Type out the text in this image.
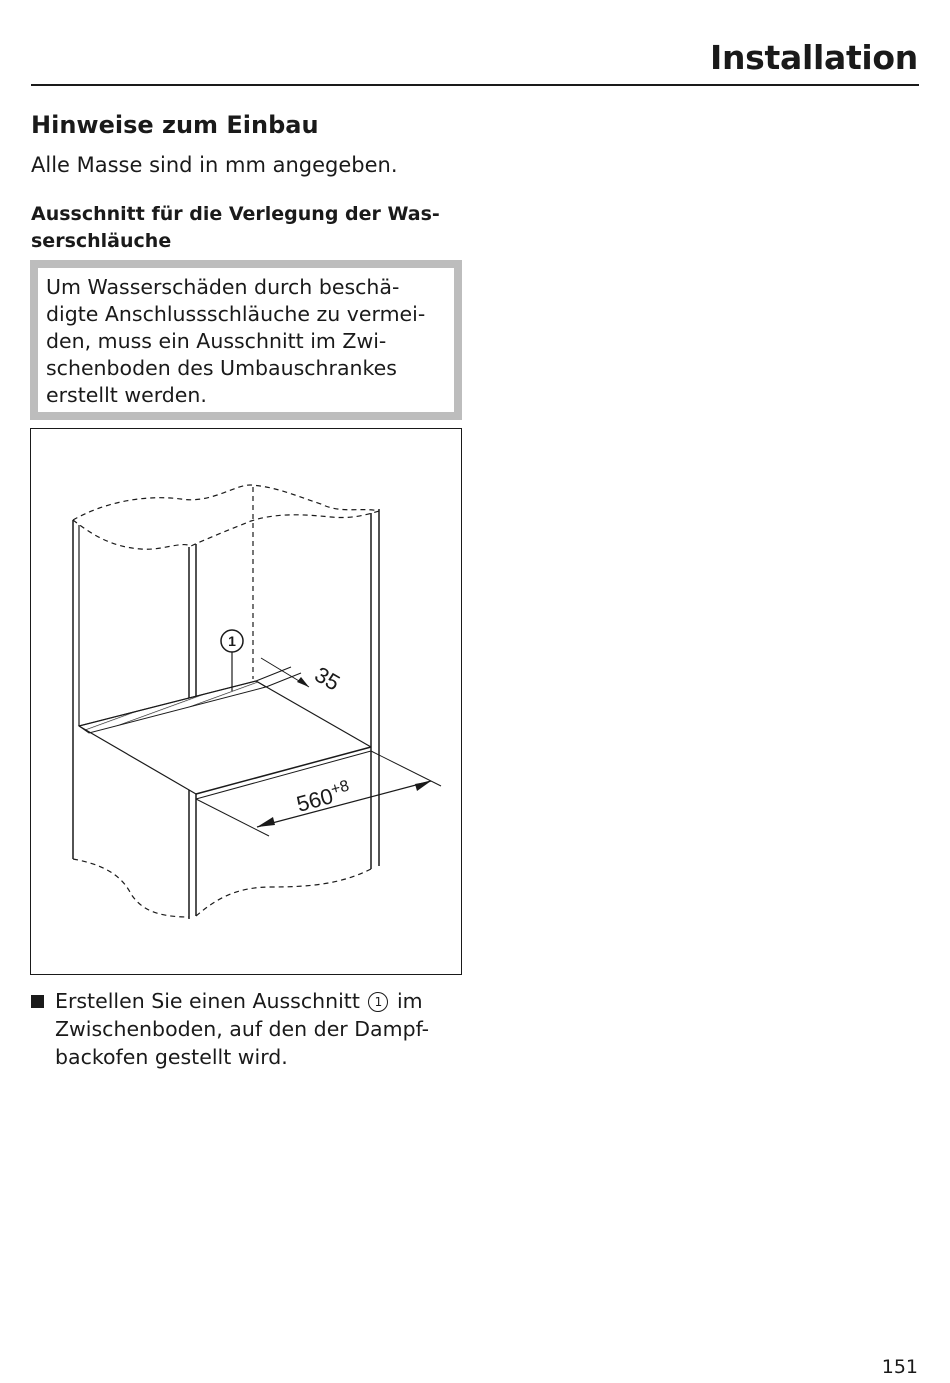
Installation
Hinweise zum Einbau
Alle Masse sind in mm angegeben.
Ausschnitt für die Verlegung der Was-
serschläuche
Um Wasserschäden durch beschä-
digte Anschlussschläuche zu vermei-
den, muss ein Ausschnitt im Zwi-
schenboden des Umbauschrankes
erstellt werden.
1
35
$560^{+8}$
Erstellen Sie einen Ausschnitt 1 im
Zwischenboden, auf den der Dampf-
backofen gestellt wird.
151
